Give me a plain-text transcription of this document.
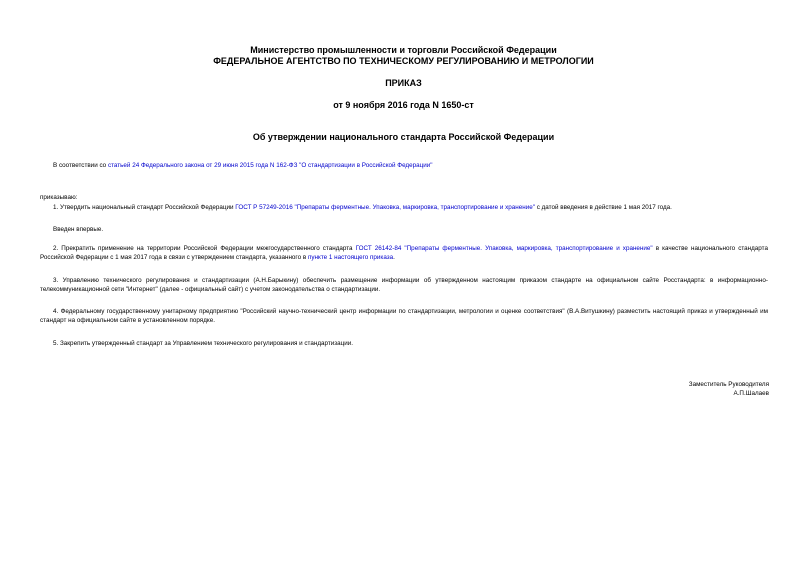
Министерство промышленности и торговли Российской Федерации
ФЕДЕРАЛЬНОЕ АГЕНТСТВО ПО ТЕХНИЧЕСКОМУ РЕГУЛИРОВАНИЮ И МЕТРОЛОГИИ
ПРИКАЗ
от 9 ноября 2016 года N 1650-ст
Об утверждении национального стандарта Российской Федерации
В соответствии со статьей 24 Федерального закона от 29 июня 2015 года N 162-ФЗ "О стандартизации в Российской Федерации"
приказываю:
1. Утвердить национальный стандарт Российской Федерации ГОСТ Р 57249-2016 "Препараты ферментные. Упаковка, маркировка, транспортирование и хранение" с датой введения в действие 1 мая 2017 года.
Введен впервые.
2. Прекратить применение на территории Российской Федерации межгосударственного стандарта ГОСТ 26142-84 "Препараты ферментные. Упаковка, маркировка, транспортирование и хранение" в качестве национального стандарта Российской Федерации с 1 мая 2017 года в связи с утверждением стандарта, указанного в пункте 1 настоящего приказа.
3. Управлению технического регулирования и стандартизации (А.Н.Барыкину) обеспечить размещение информации об утвержденном настоящим приказом стандарте на официальном сайте Росстандарта: в информационно-телекоммуникационной сети "Интернет" (далее - официальный сайт) с учетом законодательства о стандартизации.
4. Федеральному государственному унитарному предприятию "Российский научно-технический центр информации по стандартизации, метрологии и оценке соответствия" (В.А.Витушкину) разместить настоящий приказ и утвержденный им стандарт на официальном сайте в установленном порядке.
5. Закрепить утвержденный стандарт за Управлением технического регулирования и стандартизации.
Заместитель Руководителя
А.П.Шалаев
